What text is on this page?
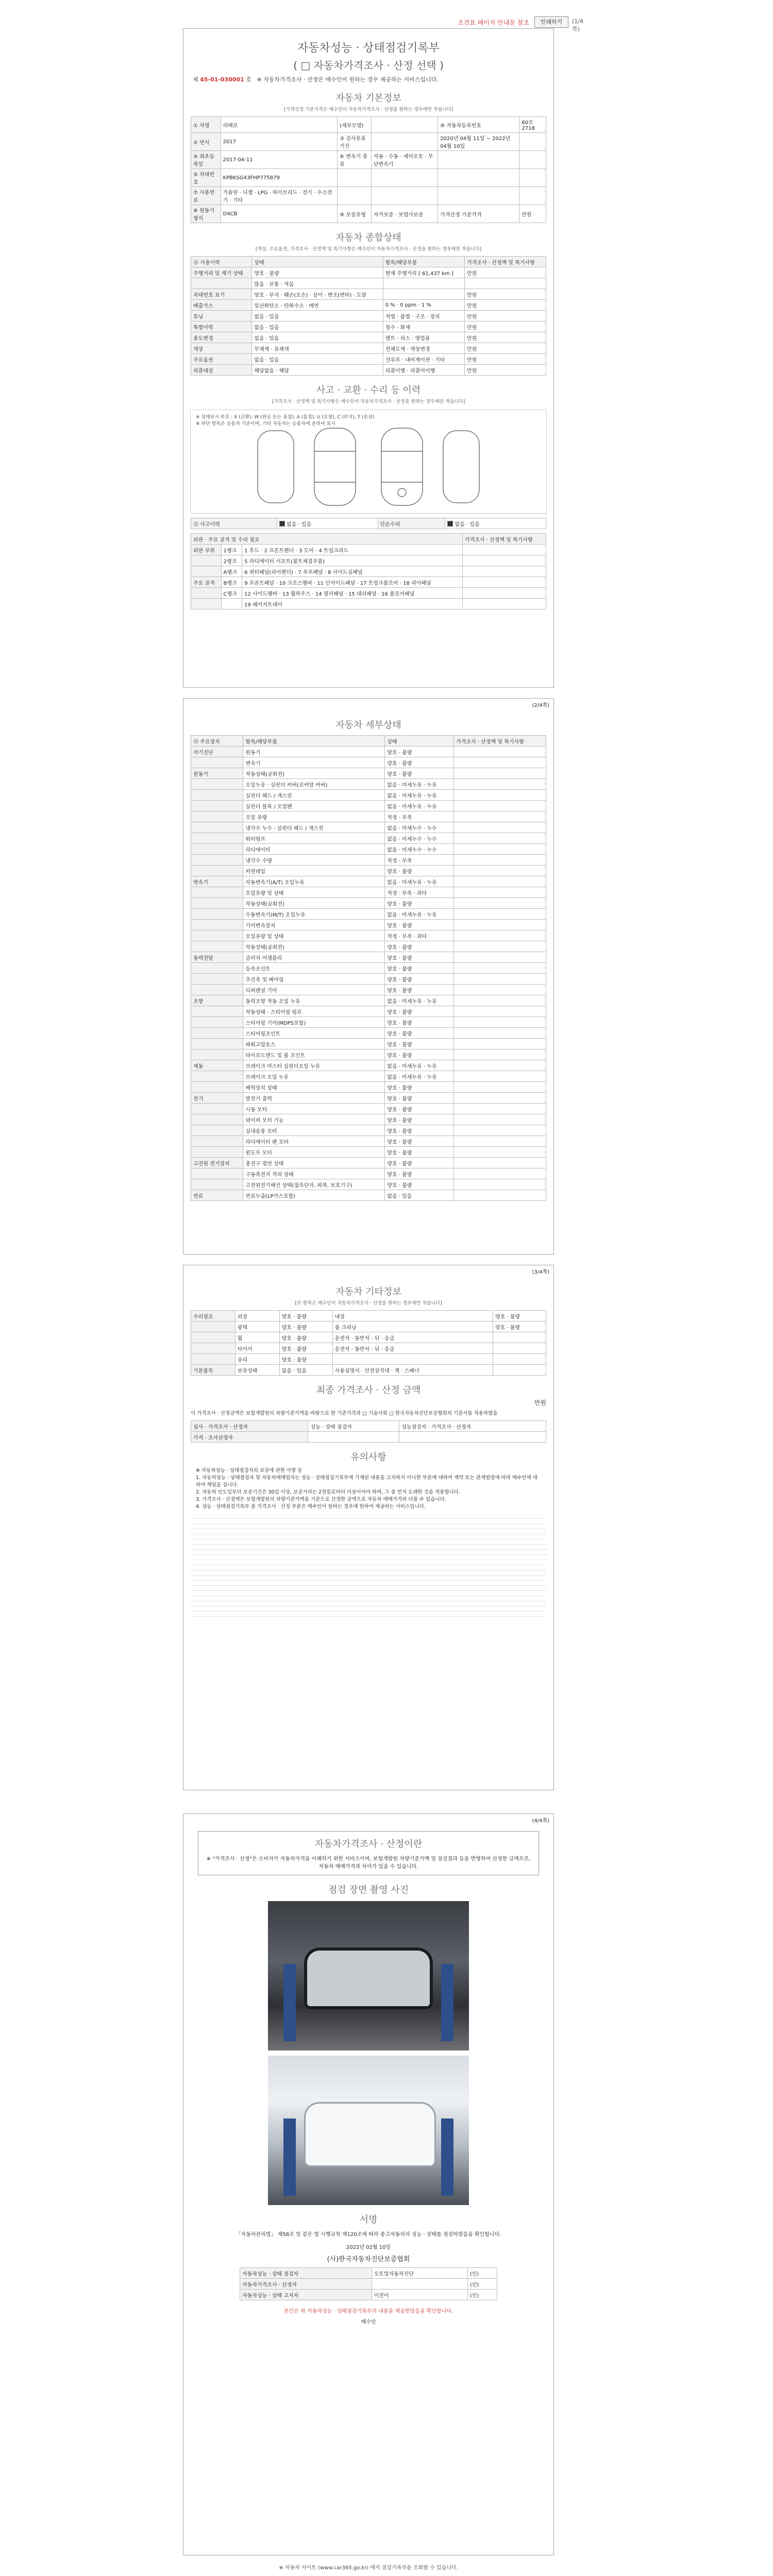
조견표 페이지 안내문 참조	인쇄하기	(1/4쪽)
자동차성능 · 상태점검기록부
( □ 자동차가격조사 · 산정 선택 )
제 45-01-030001 호 ※ 자동차가격조사 · 산정은 매수인이 원하는 경우 제공하는 서비스입니다.
자동차 기본정보
[가격산정 기준가격은 매수인이 자동차가격조사 · 산정을 원하는 경우에만 적습니다]
① 차명	리베로	(세부모델)		⑩ 자동차등록번호	60로2718
② 연식	2017	③ 검사유효기간		2020년 04월 11일 ~ 2022년 04월 10일	
④ 최초등록일	2017-04-11	⑥ 변속기 종류	자동 · 수동 · 세미오토 · 무단변속기		
⑤ 차대번호	KPBKSG43FHP775879				
⑦ 사용연료	가솔린 · 디젤 · LPG · 하이브리드 · 전기 · 수소전기 · 기타				
⑧ 원동기형식	D4CB	⑨ 보증유형	자가보증 · 보험사보증	가격산정 기준가격	만원
자동차 종합상태
[색상, 주요옵션, 가격조사 · 산정액 및 특기사항은 매수인이 자동차가격조사 · 산정을 원하는 경우에만 적습니다]
⑪ 사용이력	상태	항목/해당부품	가격조사 · 산정액 및 특기사항
주행거리 및 계기 상태	양호 · 불량	현재 주행거리 [ 61,437 km ]	만원
	많음 · 보통 · 적음		
차대번호 표기	양호 · 부식 · 훼손(오손) · 상이 · 변조(변타) · 도말		만원
배출가스	일산화탄소 · 탄화수소 · 매연	0 % · 0 ppm · 1 %	만원
튜닝	없음 · 있음	적법 · 불법 · 구조 · 장치	만원
특별이력	없음 · 있음	침수 · 화재	만원
용도변경	없음 · 있음	렌트 · 리스 · 영업용	만원
색상	무채색 · 유채색	전체도색 · 색상변경	만원
주요옵션	없음 · 있음	선루프 · 내비게이션 · 기타	만원
리콜대상	해당없음 · 해당	리콜이행 · 리콜미이행	만원
사고 · 교환 · 수리 등 이력
[가격조사 · 산정액 및 특기사항은 매수인이 자동차가격조사 · 산정을 원하는 경우에만 적습니다]
※ 상태표시 부호 : X (교환), W (판금 또는 용접), A (흠집), U (요철), C (부식), T (손상)
※ 하단 항목은 승용차 기준이며, 기타 자동차는 승용차에 준하여 표시
⑫ 사고이력	없음 · 있음	단순수리	없음 · 있음
외판 · 주요 골격 및 수리 필요			가격조사 · 산정액 및 특기사항
외판 부위	1랭크	1 후드 · 2 프론트펜더 · 3 도어 · 4 트렁크리드	
	2랭크	5 라디에이터 서포트(볼트체결부품)	
	A랭크	6 쿼터패널(리어펜더) · 7 루프패널 · 8 사이드실패널	
주요 골격	B랭크	9 프론트패널 · 10 크로스멤버 · 11 인사이드패널 · 17 트렁크플로어 · 18 리어패널	
	C랭크	12 사이드멤버 · 13 휠하우스 · 14 필러패널 · 15 대쉬패널 · 16 플로어패널	
		19 패키지트레이	
(2/4쪽)
자동차 세부상태
⑬ 주요장치	항목/해당부품	상태	가격조사 · 산정액 및 특기사항
자기진단	원동기	양호 · 불량	
	변속기	양호 · 불량	
원동기	작동상태(공회전)	양호 · 불량	
	오일누유 · 실린더 커버(로커암 커버)	없음 · 미세누유 · 누유	
	실린더 헤드 / 개스킷	없음 · 미세누유 · 누유	
	실린더 블록 / 오일팬	없음 · 미세누유 · 누유	
	오일 유량	적정 · 부족	
	냉각수 누수 · 실린더 헤드 / 개스킷	없음 · 미세누수 · 누수	
	워터펌프	없음 · 미세누수 · 누수	
	라디에이터	없음 · 미세누수 · 누수	
	냉각수 수량	적정 · 부족	
	커먼레일	양호 · 불량	
변속기	자동변속기(A/T) 오일누유	없음 · 미세누유 · 누유	
	오일유량 및 상태	적정 · 부족 · 과다	
	작동상태(공회전)	양호 · 불량	
	수동변속기(M/T) 오일누유	없음 · 미세누유 · 누유	
	기어변속장치	양호 · 불량	
	오일유량 및 상태	적정 · 부족 · 과다	
	작동상태(공회전)	양호 · 불량	
동력전달	클러치 어셈블리	양호 · 불량	
	등속조인트	양호 · 불량	
	추진축 및 베어링	양호 · 불량	
	디퍼렌셜 기어	양호 · 불량	
조향	동력조향 작동 오일 누유	없음 · 미세누유 · 누유	
	작동상태 · 스티어링 펌프	양호 · 불량	
	스티어링 기어(MDPS포함)	양호 · 불량	
	스티어링조인트	양호 · 불량	
	파워고압호스	양호 · 불량	
	타이로드엔드 및 볼 조인트	양호 · 불량	
제동	브레이크 마스터 실린더오일 누유	없음 · 미세누유 · 누유	
	브레이크 오일 누유	없음 · 미세누유 · 누유	
	배력장치 상태	양호 · 불량	
전기	발전기 출력	양호 · 불량	
	시동 모터	양호 · 불량	
	와이퍼 모터 기능	양호 · 불량	
	실내송풍 모터	양호 · 불량	
	라디에이터 팬 모터	양호 · 불량	
	윈도우 모터	양호 · 불량	
고전원 전기장치	충전구 절연 상태	양호 · 불량	
	구동축전지 격리 상태	양호 · 불량	
	고전원전기배선 상태(접속단자, 피복, 보호기구)	양호 · 불량	
연료	연료누출(LP가스포함)	없음 · 있음	
(3/4쪽)
자동차 기타정보
[⑪ 항목은 매수인이 자동차가격조사 · 산정을 원하는 경우에만 적습니다]
수리필요	외장	양호 · 불량	내장	양호 · 불량
	광택	양호 · 불량	룸 크리닝	양호 · 불량
	휠	양호 · 불량	운전석 · 동반석 · 뒤 · 응급	
	타이어	양호 · 불량	운전석 · 동반석 · 뒤 · 응급	
	유리	양호 · 불량		
기본품목	보유상태	없음 · 있음	사용설명서 · 안전삼각대 · 잭 · 스패너	
최종 가격조사 · 산정 금액
만원
이 가격조사 · 산정금액은 보험개발원의 차량기준가액을 바탕으로 한 기준가격과 □ 기술사회 □ 한국자동차진단보증협회의 기준서를 적용하였음
심사 · 가격조사 · 산정자	성능 · 상태 점검자	성능점검자 · 가격조사 · 산정자
가격 · 조사산정자		
유의사항
※ 자동차성능 · 상태점검자의 보증에 관한 사항 등
1. 자동차성능 · 상태점검자 및 자동차매매업자는 성능 · 상태점검기록부에 기재된 내용을 고지하지 아니한 부분에 대하여 계약 또는 관계법령에 따라 매수인에 대하여 책임을 집니다.
2. 자동차 인도일부터 보증기간은 30일 이상, 보증거리는 2천킬로미터 이상이어야 하며, 그 중 먼저 도래한 것을 적용합니다.
3. 가격조사 · 산정액은 보험개발원의 차량기준가액을 기준으로 산정한 금액으로 자동차 매매가격과 다를 수 있습니다.
4. 성능 · 상태점검기록부 중 가격조사 · 산정 부분은 매수인이 원하는 경우에 한하여 제공하는 서비스입니다.
(4/4쪽)
자동차가격조사 · 산정이란
※ "가격조사 · 산정"은 소비자가 자동차가격을 이해하기 위한 서비스이며, 보험개발원 차량기준가액 및 점검결과 등을 반영하여 산정한 금액으로, 자동차 매매가격과 차이가 있을 수 있습니다.
점검 장면 촬영 사진
서명
「자동차관리법」 제58조 및 같은 법 시행규칙 제120조에 따라 중고자동차의 성능 · 상태를 점검하였음을 확인합니다.
2022년 02월 10일
(사)한국자동차진단보증협회
자동차성능 · 상태 점검자	오토업자동차진단	(인)
자동차가격조사 · 산정자		(인)
자동차성능 · 상태 고지자	이전이	(인)
본인은 위 자동차성능 · 상태점검기록부의 내용을 제공받았음을 확인합니다.
매수인
※ 자동차 사이트 (www.car365.go.kr) 에서 점검기록부를 조회할 수 있습니다.
